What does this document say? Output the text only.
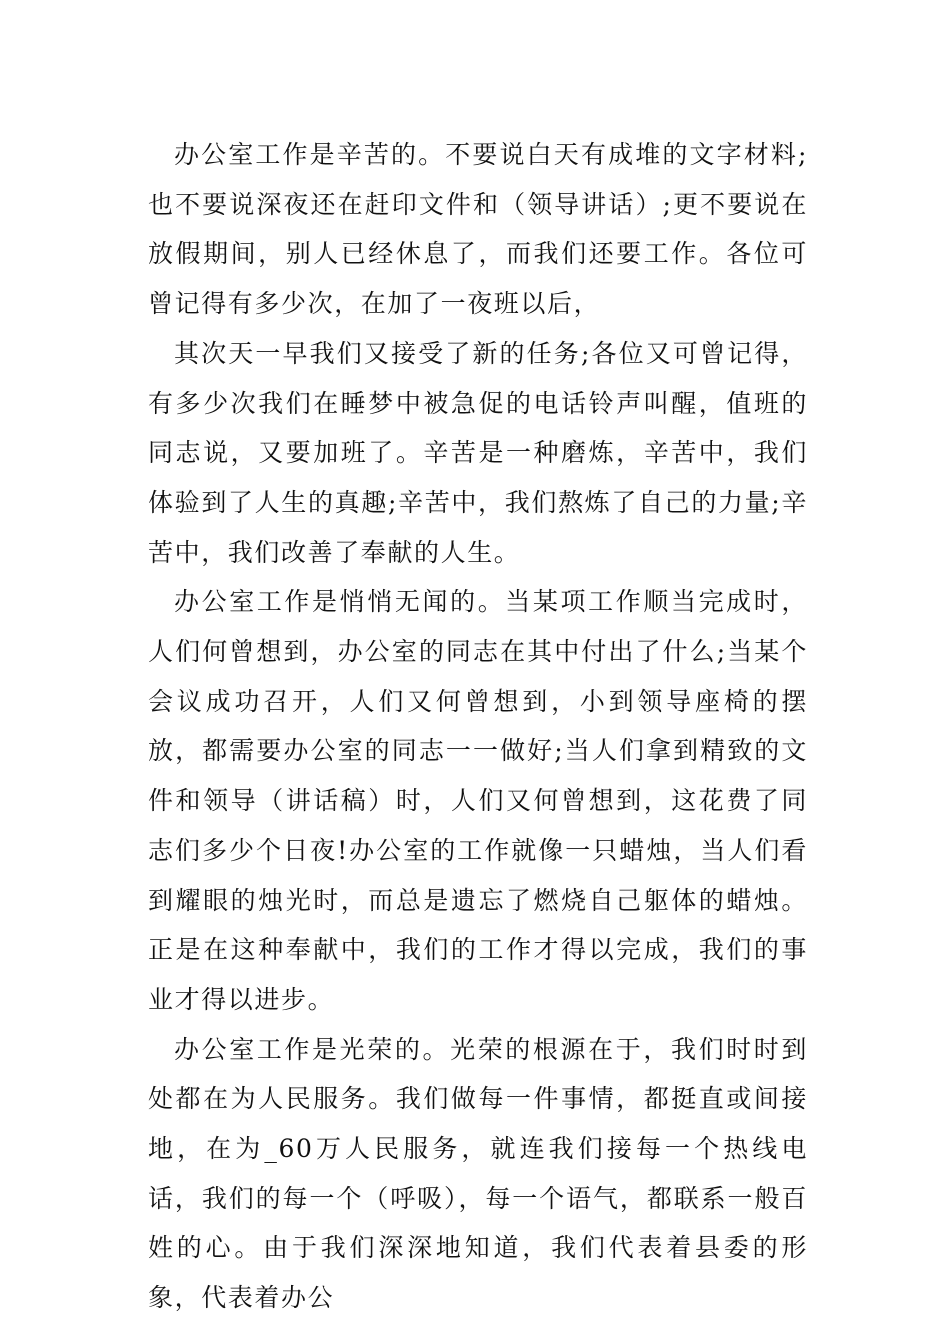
办公室工作是辛苦的。不要说白天有成堆的文字材料;也不要说深夜还在赶印文件和（领导讲话）;更不要说在放假期间，别人已经休息了，而我们还要工作。各位可曾记得有多少次，在加了一夜班以后，

其次天一早我们又接受了新的任务;各位又可曾记得，有多少次我们在睡梦中被急促的电话铃声叫醒，值班的同志说，又要加班了。辛苦是一种磨炼，辛苦中，我们体验到了人生的真趣;辛苦中，我们熬炼了自己的力量;辛苦中，我们改善了奉献的人生。

办公室工作是悄悄无闻的。当某项工作顺当完成时，人们何曾想到，办公室的同志在其中付出了什么;当某个会议成功召开，人们又何曾想到，小到领导座椅的摆放，都需要办公室的同志一一做好;当人们拿到精致的文件和领导（讲话稿）时，人们又何曾想到，这花费了同志们多少个日夜!办公室的工作就像一只蜡烛，当人们看到耀眼的烛光时，而总是遗忘了燃烧自己躯体的蜡烛。正是在这种奉献中，我们的工作才得以完成，我们的事业才得以进步。

办公室工作是光荣的。光荣的根源在于，我们时时到处都在为人民服务。我们做每一件事情，都挺直或间接地，在为_60万人民服务，就连我们接每一个热线电话，我们的每一个（呼吸），每一个语气，都联系一般百姓的心。由于我们深深地知道，我们代表着县委的形象，代表着办公
